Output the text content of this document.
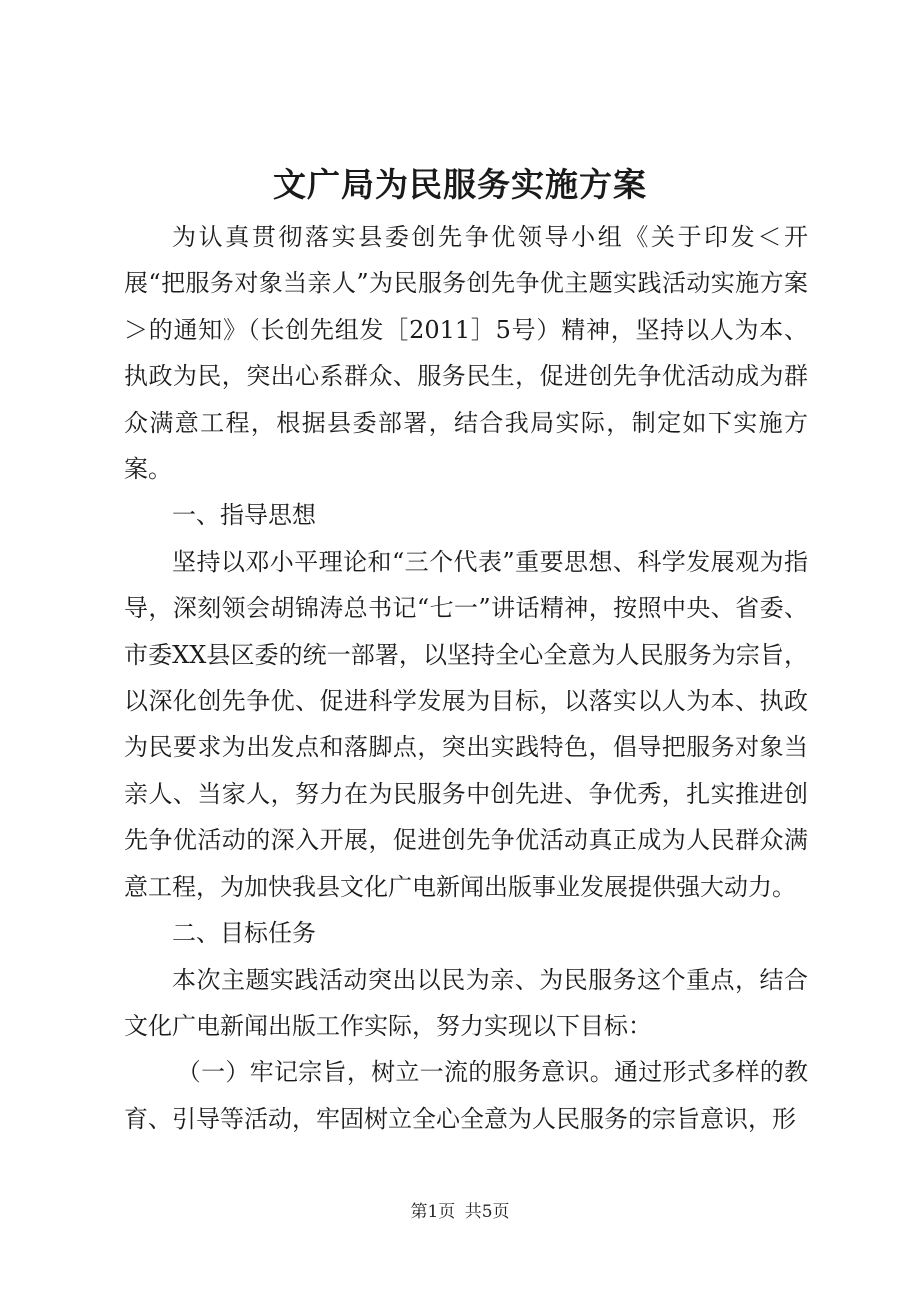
文广局为民服务实施方案

为认真贯彻落实县委创先争优领导小组《关于印发＜开展“把服务对象当亲人”为民服务创先争优主题实践活动实施方案＞的通知》（长创先组发［2011］5号）精神，坚持以人为本、执政为民，突出心系群众、服务民生，促进创先争优活动成为群众满意工程，根据县委部署，结合我局实际，制定如下实施方案。

一、指导思想

坚持以邓小平理论和“三个代表”重要思想、科学发展观为指导，深刻领会胡锦涛总书记“七一”讲话精神，按照中央、省委、市委XX县区委的统一部署，以坚持全心全意为人民服务为宗旨，以深化创先争优、促进科学发展为目标，以落实以人为本、执政为民要求为出发点和落脚点，突出实践特色，倡导把服务对象当亲人、当家人，努力在为民服务中创先进、争优秀，扎实推进创先争优活动的深入开展，促进创先争优活动真正成为人民群众满意工程，为加快我县文化广电新闻出版事业发展提供强大动力。

二、目标任务

本次主题实践活动突出以民为亲、为民服务这个重点，结合文化广电新闻出版工作实际，努力实现以下目标：

（一）牢记宗旨，树立一流的服务意识。通过形式多样的教育、引导等活动，牢固树立全心全意为人民服务的宗旨意识，形

第1页 共5页
